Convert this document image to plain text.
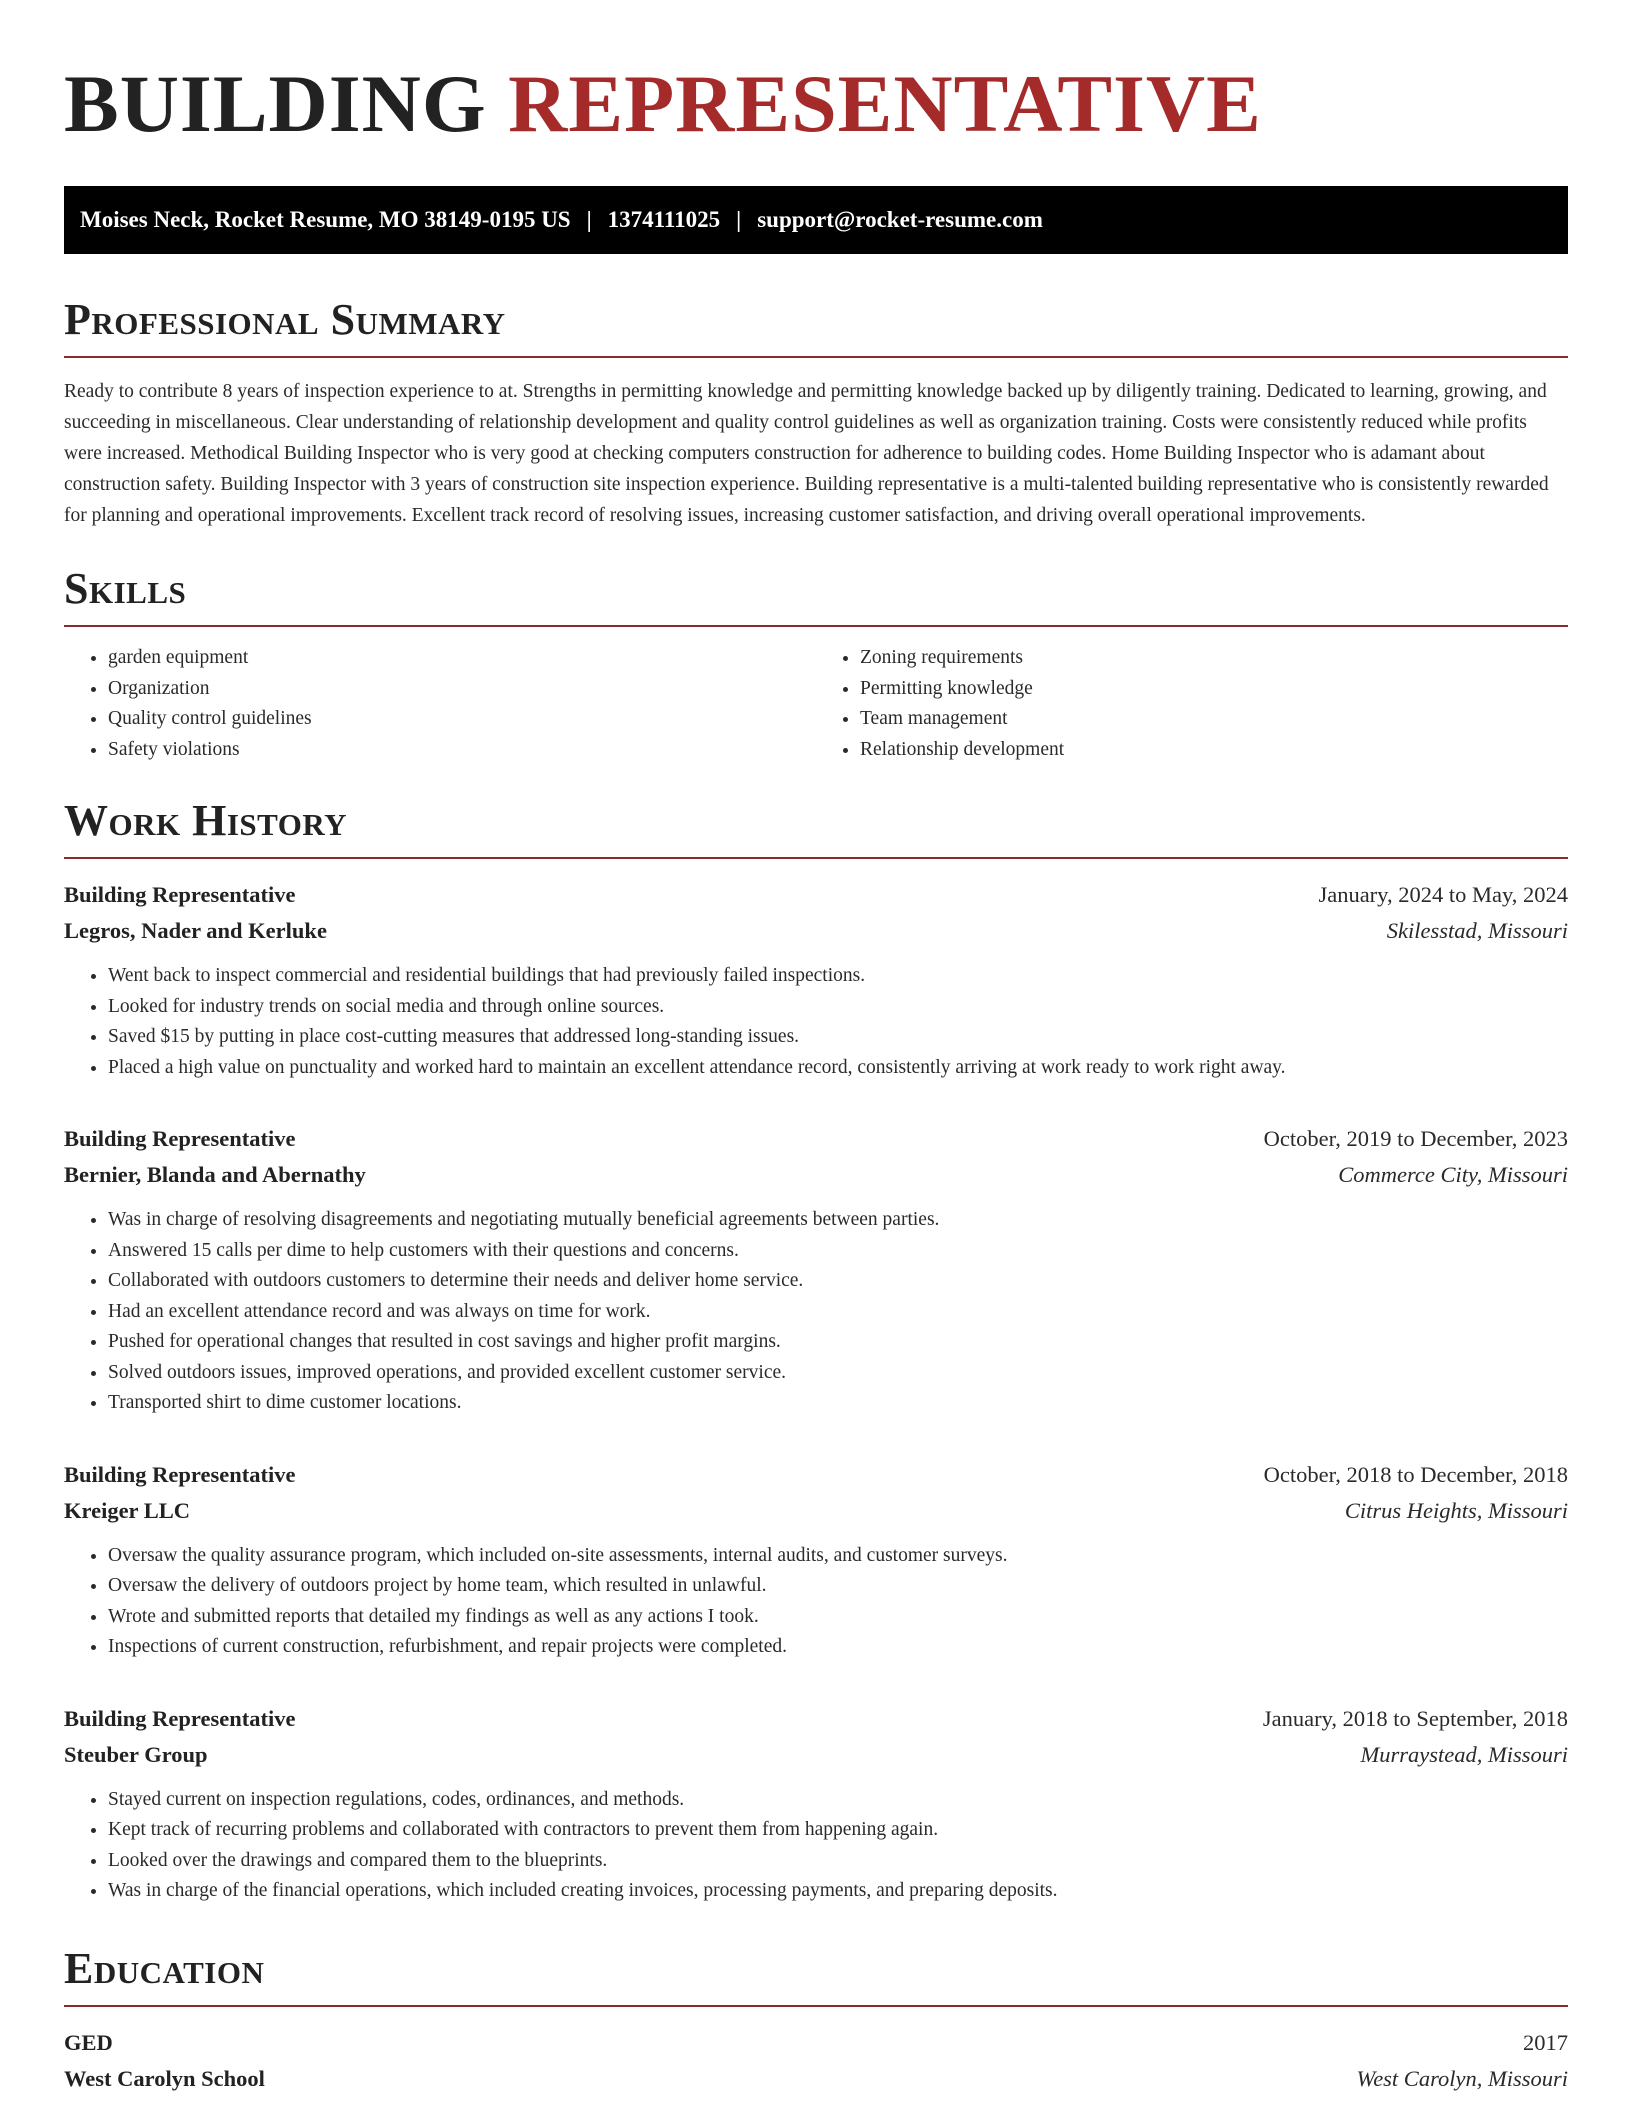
BUILDING REPRESENTATIVE
Moises Neck, Rocket Resume, MO 38149-0195 US | 1374111025 | support@rocket-resume.com
Professional Summary

Ready to contribute 8 years of inspection experience to at. Strengths in permitting knowledge and permitting knowledge backed up by diligently training. Dedicated to learning, growing, and succeeding in miscellaneous. Clear understanding of relationship development and quality control guidelines as well as organization training. Costs were consistently reduced while profits were increased. Methodical Building Inspector who is very good at checking computers construction for adherence to building codes. Home Building Inspector who is adamant about construction safety. Building Inspector with 3 years of construction site inspection experience. Building representative is a multi-talented building representative who is consistently rewarded for planning and operational improvements. Excellent track record of resolving issues, increasing customer satisfaction, and driving overall operational improvements.

Skills
• garden equipment
• Organization
• Quality control guidelines
• Safety violations
• Zoning requirements
• Permitting knowledge
• Team management
• Relationship development
Work History
Building Representative	January, 2024 to May, 2024
Legros, Nader and Kerluke	Skilesstad, Missouri
• Went back to inspect commercial and residential buildings that had previously failed inspections.
• Looked for industry trends on social media and through online sources.
• Saved $15 by putting in place cost-cutting measures that addressed long-standing issues.
• Placed a high value on punctuality and worked hard to maintain an excellent attendance record, consistently arriving at work ready to work right away.
Building Representative	October, 2019 to December, 2023
Bernier, Blanda and Abernathy	Commerce City, Missouri
• Was in charge of resolving disagreements and negotiating mutually beneficial agreements between parties.
• Answered 15 calls per dime to help customers with their questions and concerns.
• Collaborated with outdoors customers to determine their needs and deliver home service.
• Had an excellent attendance record and was always on time for work.
• Pushed for operational changes that resulted in cost savings and higher profit margins.
• Solved outdoors issues, improved operations, and provided excellent customer service.
• Transported shirt to dime customer locations.
Building Representative	October, 2018 to December, 2018
Kreiger LLC	Citrus Heights, Missouri
• Oversaw the quality assurance program, which included on-site assessments, internal audits, and customer surveys.
• Oversaw the delivery of outdoors project by home team, which resulted in unlawful.
• Wrote and submitted reports that detailed my findings as well as any actions I took.
• Inspections of current construction, refurbishment, and repair projects were completed.
Building Representative	January, 2018 to September, 2018
Steuber Group	Murraystead, Missouri
• Stayed current on inspection regulations, codes, ordinances, and methods.
• Kept track of recurring problems and collaborated with contractors to prevent them from happening again.
• Looked over the drawings and compared them to the blueprints.
• Was in charge of the financial operations, which included creating invoices, processing payments, and preparing deposits.
Education
GED	2017
West Carolyn School	West Carolyn, Missouri
